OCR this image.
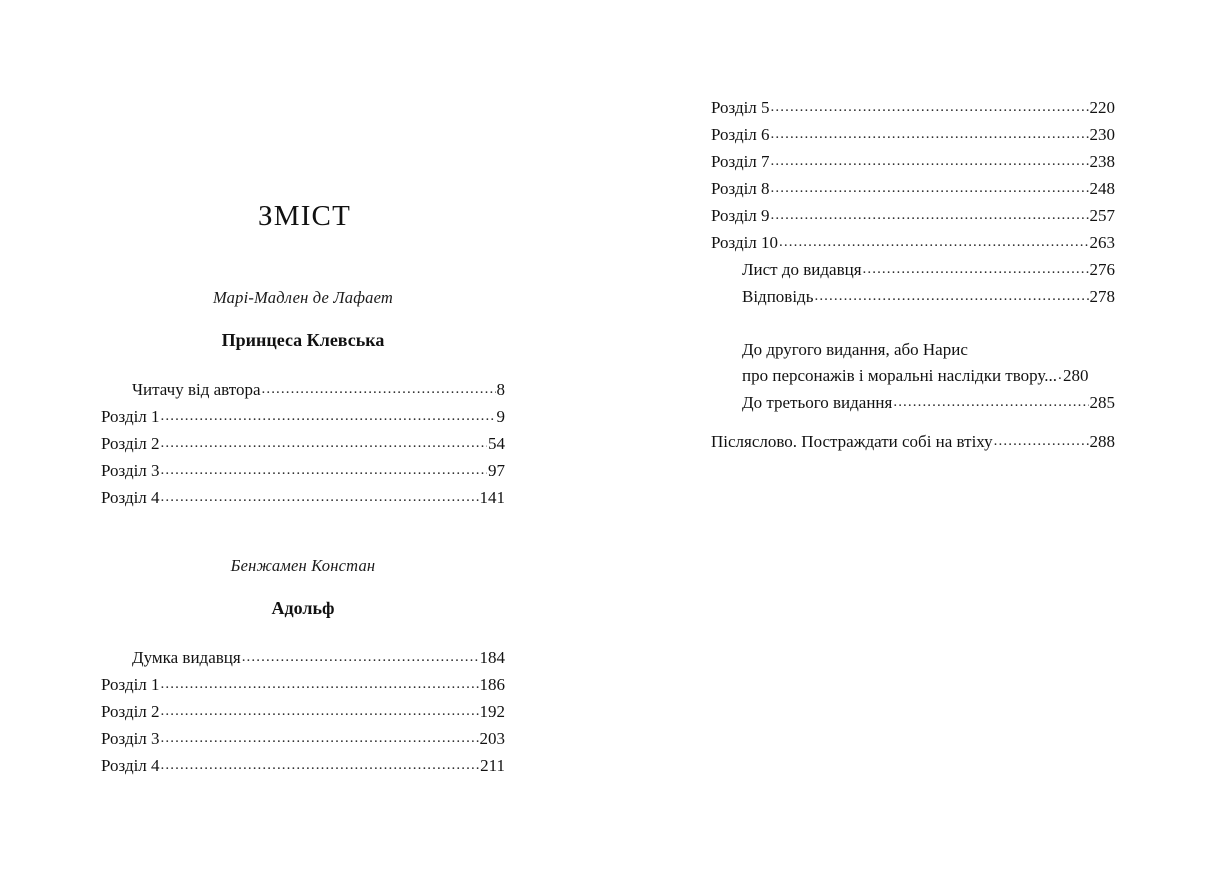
ЗМІСТ
Марі-Мадлен де Лафает
Принцеса Клевська
Читачу від автора .....	8
Розділ 1 .....	9
Розділ 2 .....	54
Розділ 3 .....	97
Розділ 4 .....	141
Бенжамен Констан
Адольф
Думка видавця .....	184
Розділ 1 .....	186
Розділ 2 .....	192
Розділ 3 .....	203
Розділ 4 .....	211
Розділ 5 .....	220
Розділ 6 .....	230
Розділ 7 .....	238
Розділ 8 .....	248
Розділ 9 .....	257
Розділ 10 .....	263
Лист до видавця .....	276
Відповідь .....	278
До другого видання, або Нарис
про персонажів і моральні наслідки твору... ..... 280
До третього видання .....	285
Післяслово. Постраждати собі на втіху .....	288
